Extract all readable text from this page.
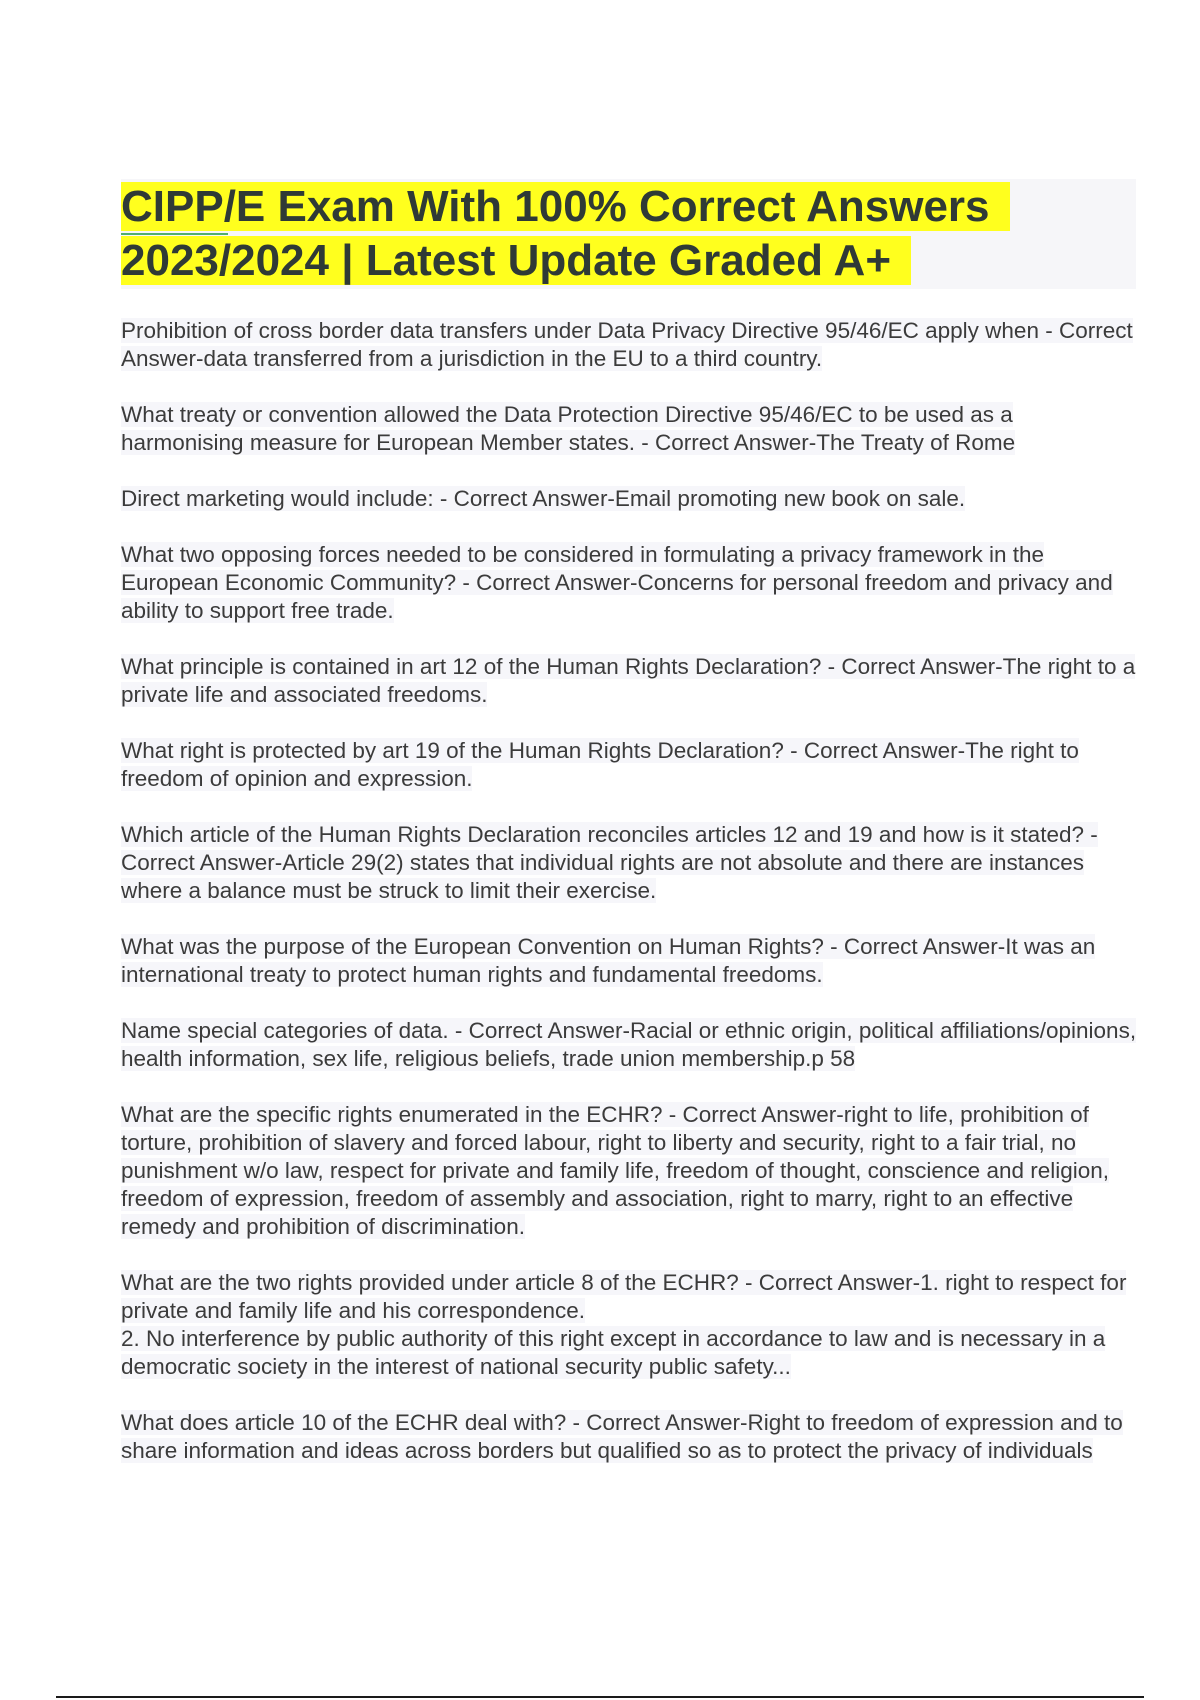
CIPP/E Exam With 100% Correct Answers
2023/2024 | Latest Update Graded A+

Prohibition of cross border data transfers under Data Privacy Directive 95/46/EC apply when - Correct Answer-data transferred from a jurisdiction in the EU to a third country.

What treaty or convention allowed the Data Protection Directive 95/46/EC to be used as a harmonising measure for European Member states. - Correct Answer-The Treaty of Rome

Direct marketing would include: - Correct Answer-Email promoting new book on sale.

What two opposing forces needed to be considered in formulating a privacy framework in the European Economic Community? - Correct Answer-Concerns for personal freedom and privacy and ability to support free trade.

What principle is contained in art 12 of the Human Rights Declaration? - Correct Answer-The right to a private life and associated freedoms.

What right is protected by art 19 of the Human Rights Declaration? - Correct Answer-The right to freedom of opinion and expression.

Which article of the Human Rights Declaration reconciles articles 12 and 19 and how is it stated? - Correct Answer-Article 29(2) states that individual rights are not absolute and there are instances where a balance must be struck to limit their exercise.

What was the purpose of the European Convention on Human Rights? - Correct Answer-It was an international treaty to protect human rights and fundamental freedoms.

Name special categories of data. - Correct Answer-Racial or ethnic origin, political affiliations/opinions, health information, sex life, religious beliefs, trade union membership.p 58

What are the specific rights enumerated in the ECHR? - Correct Answer-right to life, prohibition of torture, prohibition of slavery and forced labour, right to liberty and security, right to a fair trial, no punishment w/o law, respect for private and family life, freedom of thought, conscience and religion, freedom of expression, freedom of assembly and association, right to marry, right to an effective remedy and prohibition of discrimination.

What are the two rights provided under article 8 of the ECHR? - Correct Answer-1. right to respect for private and family life and his correspondence.
2. No interference by public authority of this right except in accordance to law and is necessary in a democratic society in the interest of national security public safety...

What does article 10 of the ECHR deal with? - Correct Answer-Right to freedom of expression and to share information and ideas across borders but qualified so as to protect the privacy of individuals
